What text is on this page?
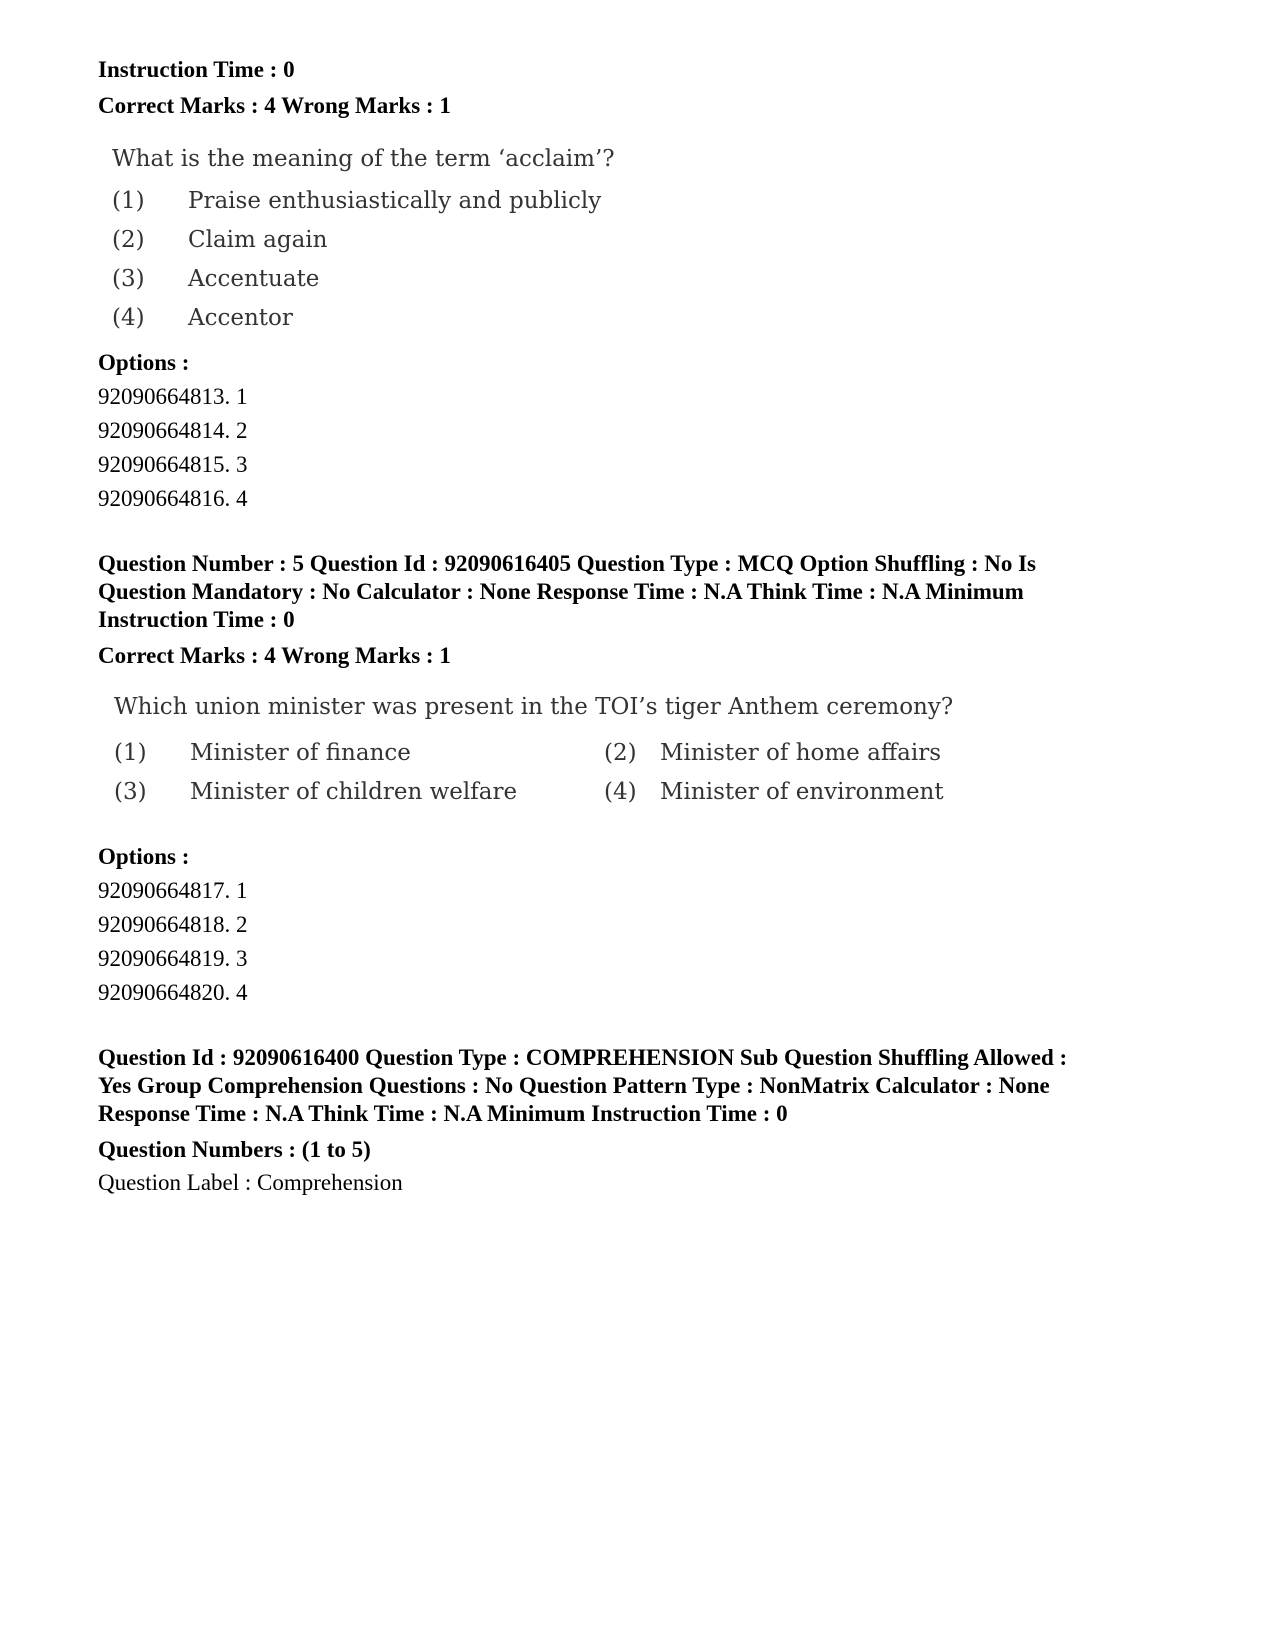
Instruction Time : 0
Correct Marks : 4 Wrong Marks : 1

What is the meaning of the term ‘acclaim’?

(1)	Praise enthusiastically and publicly
(2)	Claim again
(3)	Accentuate
(4)	Accentor
Options :
92090664813. 1
92090664814. 2
92090664815. 3
92090664816. 4
Question Number : 5 Question Id : 92090616405 Question Type : MCQ Option Shuffling : No Is
Question Mandatory : No Calculator : None Response Time : N.A Think Time : N.A Minimum
Instruction Time : 0
Correct Marks : 4 Wrong Marks : 1

Which union minister was present in the TOI’s tiger Anthem ceremony?

(1)	Minister of finance	(2)	Minister of home affairs
(3)	Minister of children welfare	(4)	Minister of environment
Options :
92090664817. 1
92090664818. 2
92090664819. 3
92090664820. 4
Question Id : 92090616400 Question Type : COMPREHENSION Sub Question Shuffling Allowed :
Yes Group Comprehension Questions : No Question Pattern Type : NonMatrix Calculator : None
Response Time : N.A Think Time : N.A Minimum Instruction Time : 0
Question Numbers : (1 to 5)
Question Label : Comprehension
